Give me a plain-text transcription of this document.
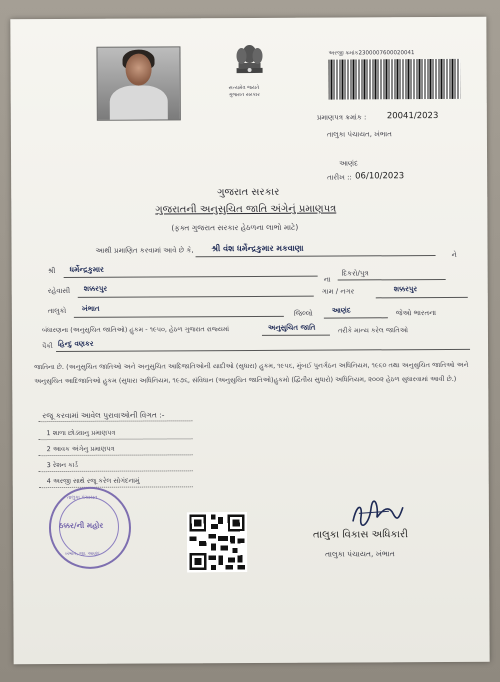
સત્યમેવ જયતે
ગુજરાત સરકાર
અરજી ક્રમાંક :
2300007600020041
પ્રમાણપત્ર ક્રમાંક : 20041/2023
તાલુકા પંચાયત, ખંભાત
આણંદ
તારીખ :: 06/10/2023
ગુજરાત સરકાર
ગુજરાતની અનુસુચિત જાતિ અંગેનું પ્રમાણપત્ર
(ફક્ત ગુજરાત સરકાર હેઠળના લાભો માટે)
આથી પ્રમાણિત કરવામાં આવે છે કે, શ્રી વંશ ધર્મેન્દ્રકુમાર મકવાણા
ને
શ્રી ધર્મેન્દ્રકુમાર
ના
દિકરો/પુત્ર
રહેવાસી શક્કરપુર	ગામ / નગર	શક્કરપુર
તાલુકો ખંભાત
જિલ્લો	આણંદ	જેઓ ભારતના
બંધારણના (અનુસુચિત જાતિઓ) હુકમ - ૧૯૫૦, હેઠળ ગુજરાત રાજ્યમાં	અનુસુચિત જાતિ	તરીકે માન્ય કરેલ જાતિઓ
પૈકી હિન્દુ વણકર
જાતિના છે. (અનુસુચિત જાતિઓ અને અનુસુચિત આદિજાતિઓની યાદીઓ (સુધારા) હુકમ, ૧૯૫૬, મુંબઈ પુનર્ગઠન અધિનિયમ, ૧૯૬૦ તથા અનુસુચિત જાતિઓ અને અનુસુચિત આદિજાતિઓ હુકમ (સુધારા અધિનિયમ, ૧૯૭૬, સંવિધાન (અનુસુચિત જાતિઓ)હુકમો (દ્વિતીય સુધારો) અધિનિયમ, ૨૦૦૨ હેઠળ સુધારવામાં આવી છે.)
રજૂ કરવામાં આવેલ પુરાવાઓની વિગત :-
1 શાળા છોડ્યાનુ પ્રમાણપત્ર
2 આવક અંગેનુ પ્રમાણપત્ર
3 રેશન કાર્ડ
4 અરજી સાથે રજૂ કરેલ સોગંદનામું
તાલુકા પંચાયત
ઠક્કર/ની મહોર
ખંભાત, જી. આણંદ
તાલુકા વિકાસ અધિકારી
તાલુકા પંચાયત, ખંભાત
